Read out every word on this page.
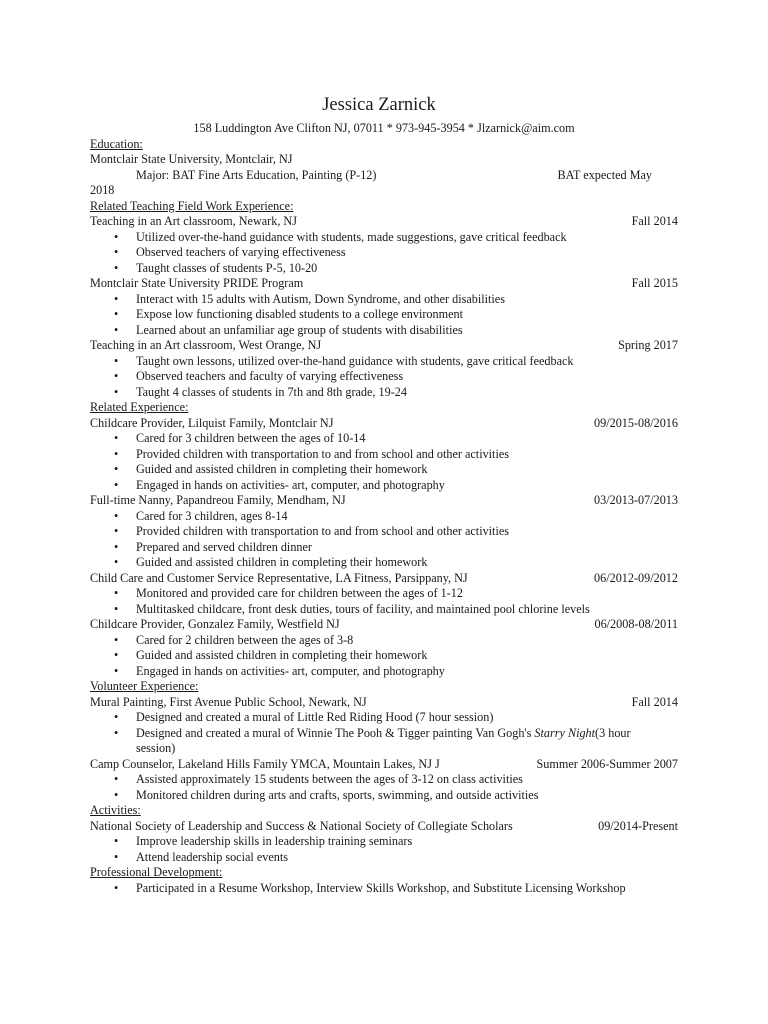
Jessica Zarnick
158 Luddington Ave Clifton NJ, 07011 * 973-945-3954 * Jlzarnick@aim.com
Education:
Montclair State University, Montclair, NJ
Major: BAT Fine Arts Education, Painting (P-12)	BAT expected May
2018
Related Teaching Field Work Experience:
Teaching in an Art classroom, Newark, NJ	Fall 2014
• Utilized over-the-hand guidance with students, made suggestions, gave critical feedback
• Observed teachers of varying effectiveness
• Taught classes of students P-5, 10-20
Montclair State University PRIDE Program	Fall 2015
• Interact with 15 adults with Autism, Down Syndrome, and other disabilities
• Expose low functioning disabled students to a college environment
• Learned about an unfamiliar age group of students with disabilities
Teaching in an Art classroom, West Orange, NJ	Spring 2017
• Taught own lessons, utilized over-the-hand guidance with students, gave critical feedback
• Observed teachers and faculty of varying effectiveness
• Taught 4 classes of students in 7th and 8th grade, 19-24
Related Experience:
Childcare Provider, Lilquist Family, Montclair NJ	09/2015-08/2016
• Cared for 3 children between the ages of 10-14
• Provided children with transportation to and from school and other activities
• Guided and assisted children in completing their homework
• Engaged in hands on activities- art, computer, and photography
Full-time Nanny, Papandreou Family, Mendham, NJ	03/2013-07/2013
• Cared for 3 children, ages 8-14
• Provided children with transportation to and from school and other activities
• Prepared and served children dinner
• Guided and assisted children in completing their homework
Child Care and Customer Service Representative, LA Fitness, Parsippany, NJ	06/2012-09/2012
• Monitored and provided care for children between the ages of 1-12
• Multitasked childcare, front desk duties, tours of facility, and maintained pool chlorine levels
Childcare Provider, Gonzalez Family, Westfield NJ	06/2008-08/2011
• Cared for 2 children between the ages of 3-8
• Guided and assisted children in completing their homework
• Engaged in hands on activities- art, computer, and photography
Volunteer Experience:
Mural Painting, First Avenue Public School, Newark, NJ	Fall 2014
• Designed and created a mural of Little Red Riding Hood (7 hour session)
• Designed and created a mural of Winnie The Pooh & Tigger painting Van Gogh's Starry Night(3 hour
session)
Camp Counselor, Lakeland Hills Family YMCA, Mountain Lakes, NJ J	Summer 2006-Summer 2007
• Assisted approximately 15 students between the ages of 3-12 on class activities
• Monitored children during arts and crafts, sports, swimming, and outside activities
Activities:
National Society of Leadership and Success & National Society of Collegiate Scholars	09/2014-Present
• Improve leadership skills in leadership training seminars
• Attend leadership social events
Professional Development:
• Participated in a Resume Workshop, Interview Skills Workshop, and Substitute Licensing Workshop
